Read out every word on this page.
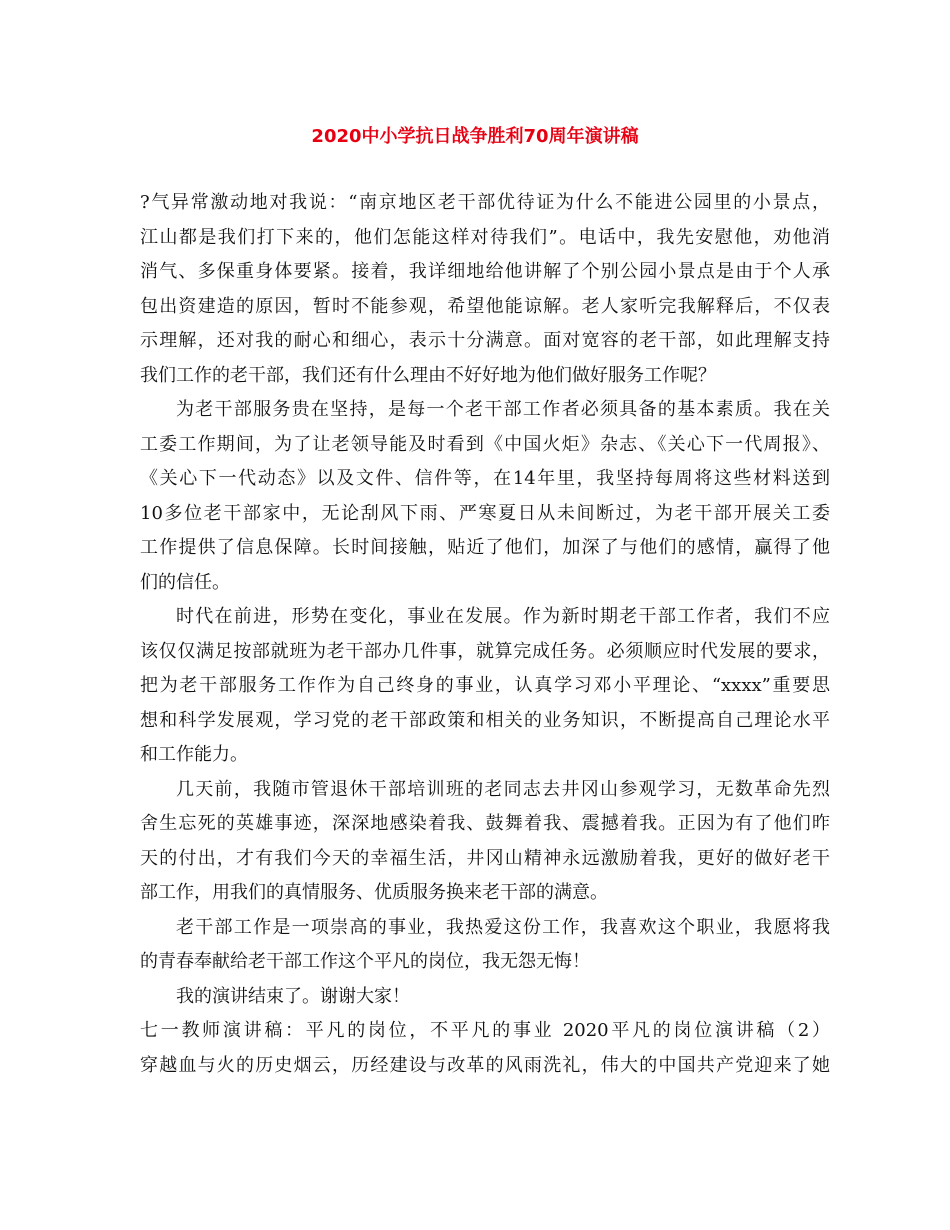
2020中小学抗日战争胜利70周年演讲稿
?气异常激动地对我说：“南京地区老干部优待证为什么不能进公园里的小景点，
江山都是我们打下来的，他们怎能这样对待我们”。电话中，我先安慰他，劝他消
消气、多保重身体要紧。接着，我详细地给他讲解了个别公园小景点是由于个人承
包出资建造的原因，暂时不能参观，希望他能谅解。老人家听完我解释后，不仅表
示理解，还对我的耐心和细心，表示十分满意。面对宽容的老干部，如此理解支持
我们工作的老干部，我们还有什么理由不好好地为他们做好服务工作呢？
为老干部服务贵在坚持，是每一个老干部工作者必须具备的基本素质。我在关
工委工作期间，为了让老领导能及时看到《中国火炬》杂志、《关心下一代周报》、
《关心下一代动态》以及文件、信件等，在14年里，我坚持每周将这些材料送到
10多位老干部家中，无论刮风下雨、严寒夏日从未间断过，为老干部开展关工委
工作提供了信息保障。长时间接触，贴近了他们，加深了与他们的感情，赢得了他
们的信任。
时代在前进，形势在变化，事业在发展。作为新时期老干部工作者，我们不应
该仅仅满足按部就班为老干部办几件事，就算完成任务。必须顺应时代发展的要求，
把为老干部服务工作作为自己终身的事业，认真学习邓小平理论、“xxxx”重要思
想和科学发展观，学习党的老干部政策和相关的业务知识，不断提高自己理论水平
和工作能力。
几天前，我随市管退休干部培训班的老同志去井冈山参观学习，无数革命先烈
舍生忘死的英雄事迹，深深地感染着我、鼓舞着我、震撼着我。正因为有了他们昨
天的付出，才有我们今天的幸福生活，井冈山精神永远激励着我，更好的做好老干
部工作，用我们的真情服务、优质服务换来老干部的满意。
老干部工作是一项崇高的事业，我热爱这份工作，我喜欢这个职业，我愿将我
的青春奉献给老干部工作这个平凡的岗位，我无怨无悔！
我的演讲结束了。谢谢大家！
七一教师演讲稿：平凡的岗位，不平凡的事业 2020平凡的岗位演讲稿（2）
穿越血与火的历史烟云，历经建设与改革的风雨洗礼，伟大的中国共产党迎来了她
